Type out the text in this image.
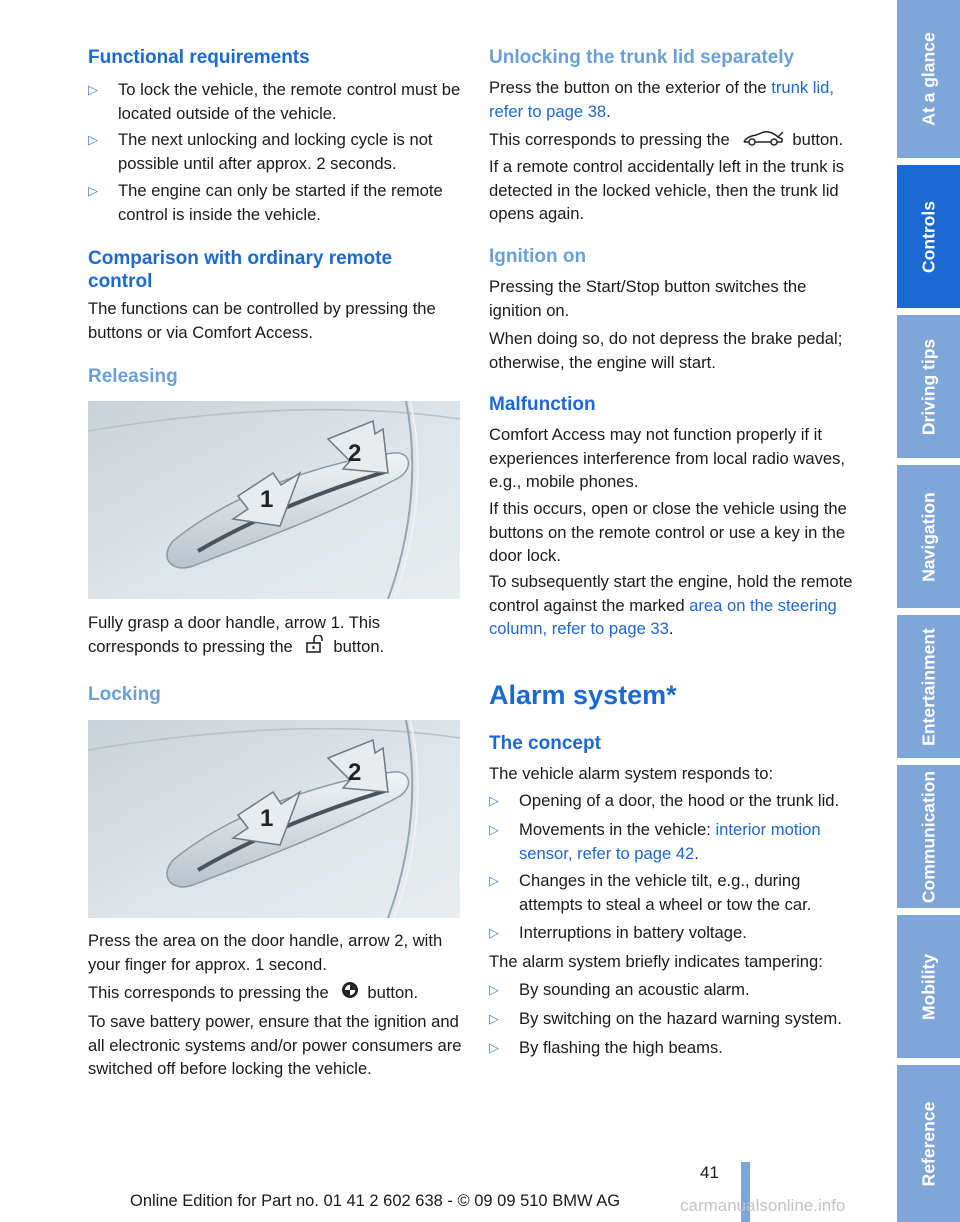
Functional requirements
▷ To lock the vehicle, the remote control must be located outside of the vehicle.
▷ The next unlocking and locking cycle is not possible until after approx. 2 seconds.
▷ The engine can only be started if the remote control is inside the vehicle.
Comparison with ordinary remote control
The functions can be controlled by pressing the buttons or via Comfort Access.
Releasing
1
2
Fully grasp a door handle, arrow 1. This corresponds to pressing the button.
Locking
1
2
Press the area on the door handle, arrow 2, with your finger for approx. 1 second.
This corresponds to pressing the button.
To save battery power, ensure that the ignition and all electronic systems and/or power consumers are switched off before locking the vehicle.
Unlocking the trunk lid separately
Press the button on the exterior of the trunk lid, refer to page 38.
This corresponds to pressing the	button.
If a remote control accidentally left in the trunk is detected in the locked vehicle, then the trunk lid opens again.
Ignition on
Pressing the Start/Stop button switches the ignition on.
When doing so, do not depress the brake pedal; otherwise, the engine will start.
Malfunction
Comfort Access may not function properly if it experiences interference from local radio waves, e.g., mobile phones.
If this occurs, open or close the vehicle using the buttons on the remote control or use a key in the door lock.
To subsequently start the engine, hold the remote control against the marked area on the steering column, refer to page 33.
Alarm system*
The concept
The vehicle alarm system responds to:
▷ Opening of a door, the hood or the trunk lid.
▷ Movements in the vehicle: interior motion sensor, refer to page 42.
▷ Changes in the vehicle tilt, e.g., during attempts to steal a wheel or tow the car.
▷ Interruptions in battery voltage.
The alarm system briefly indicates tampering:
▷ By sounding an acoustic alarm.
▷ By switching on the hazard warning system.
▷ By flashing the high beams.
At a glance
Controls
Driving tips
Navigation
Entertainment
Communication
Mobility
Reference
41
Online Edition for Part no. 01 41 2 602 638 - © 09 09 510 BMW AG	carmanualsonline.info
